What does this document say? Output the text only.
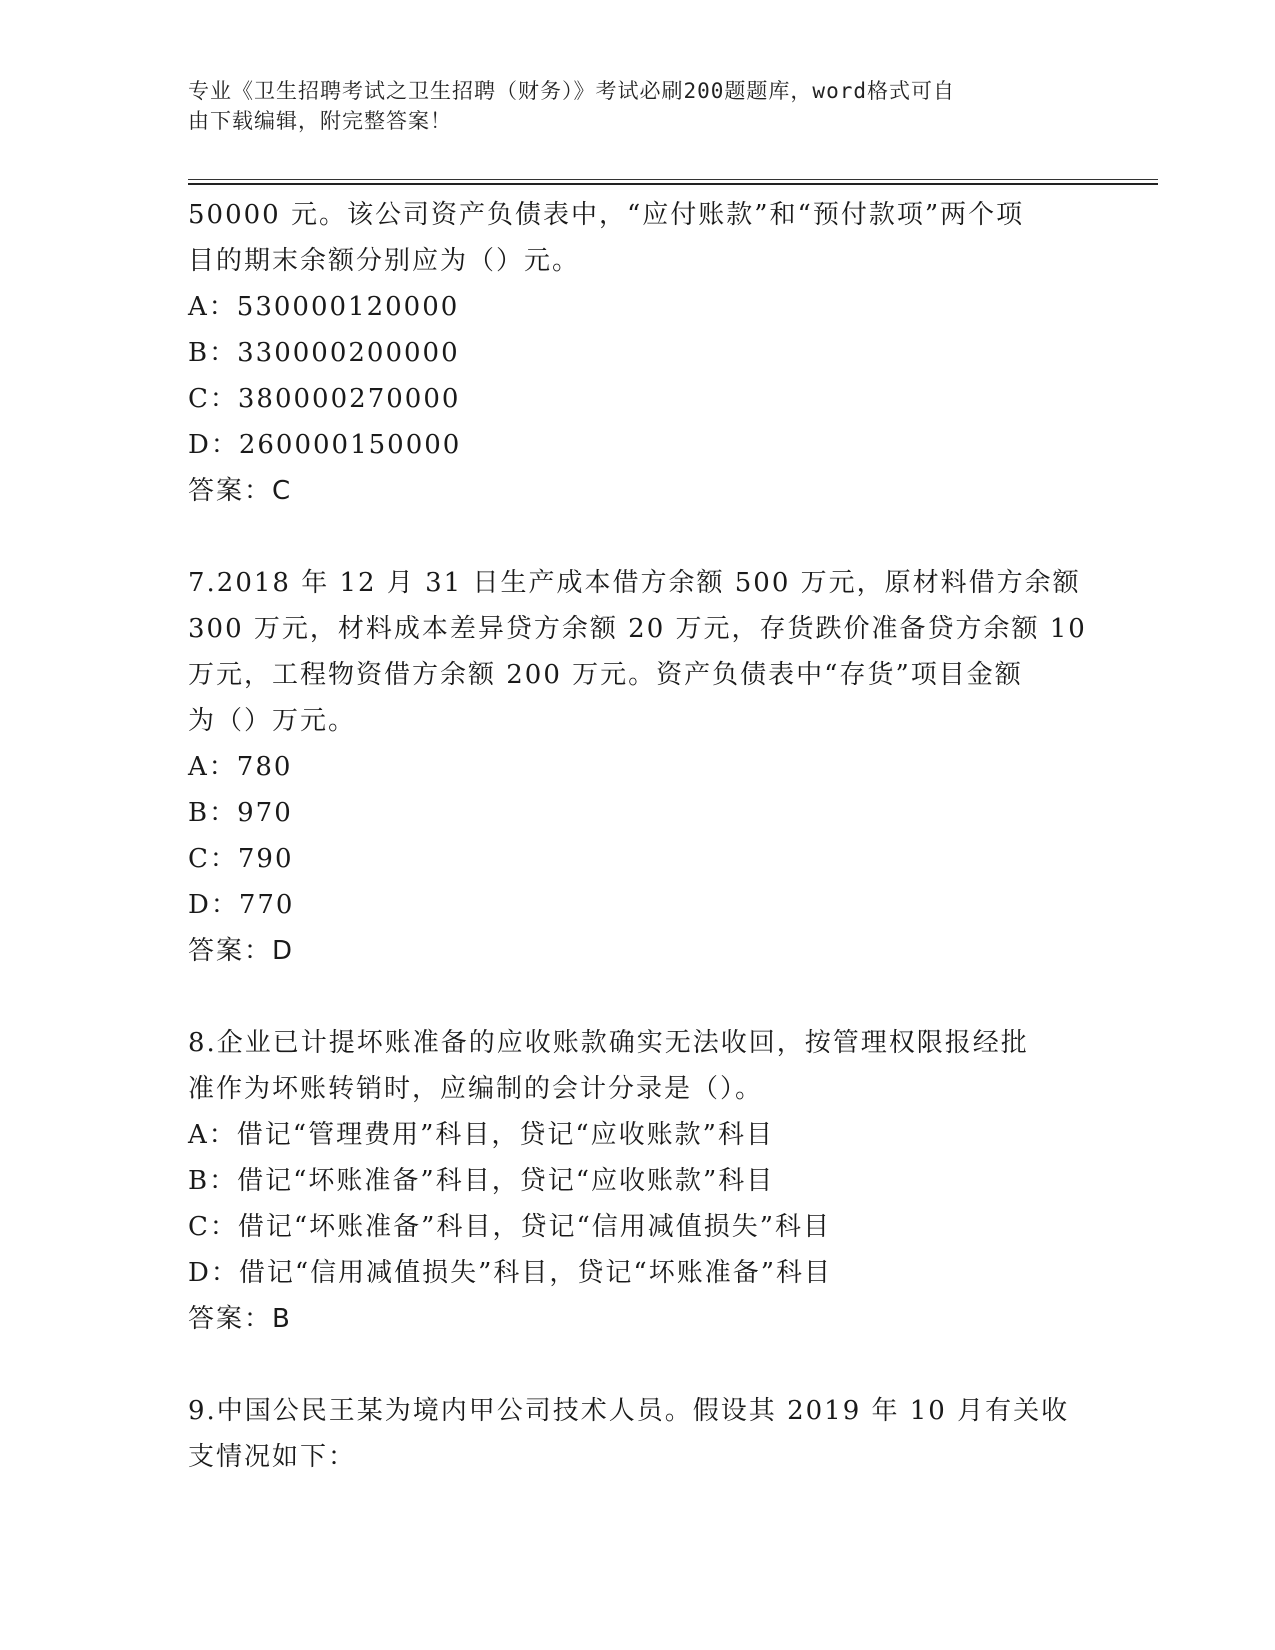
专业《卫生招聘考试之卫生招聘（财务）》考试必刷200题题库，word格式可自
由下载编辑，附完整答案！
50000 元。该公司资产负债表中，“应付账款”和“预付款项”两个项
目的期末余额分别应为（）元。
A：530000120000
B：330000200000
C：380000270000
D：260000150000
答案：C
7.2018 年 12 月 31 日生产成本借方余额 500 万元，原材料借方余额
300 万元，材料成本差异贷方余额 20 万元，存货跌价准备贷方余额 10
万元，工程物资借方余额 200 万元。资产负债表中“存货”项目金额
为（）万元。
A：780
B：970
C：790
D：770
答案：D
8.企业已计提坏账准备的应收账款确实无法收回，按管理权限报经批
准作为坏账转销时，应编制的会计分录是（）。
A：借记“管理费用”科目，贷记“应收账款”科目
B：借记“坏账准备”科目，贷记“应收账款”科目
C：借记“坏账准备”科目，贷记“信用减值损失”科目
D：借记“信用减值损失”科目，贷记“坏账准备”科目
答案：B
9.中国公民王某为境内甲公司技术人员。假设其 2019 年 10 月有关收
支情况如下：
